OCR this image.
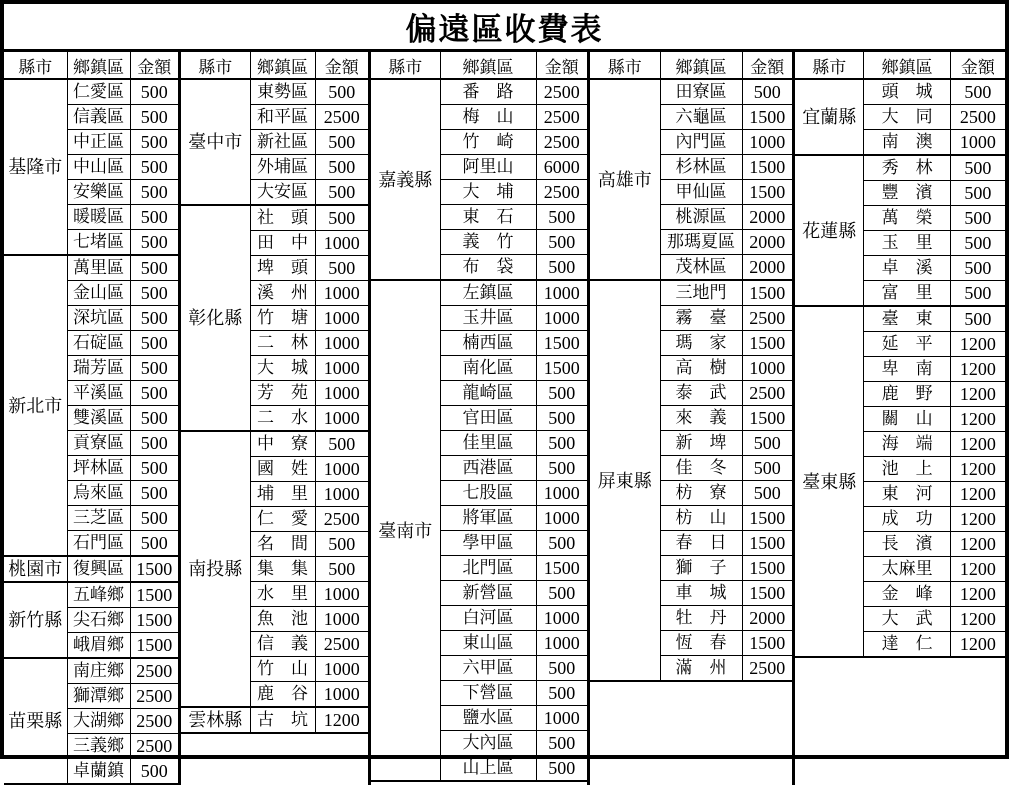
偏遠區收費表
縣市	鄉鎮區	金額
基隆市	仁愛區	500
	信義區	500
	中正區	500
	中山區	500
	安樂區	500
	暖暖區	500
	七堵區	500
新北市	萬里區	500
	金山區	500
	深坑區	500
	石碇區	500
	瑞芳區	500
	平溪區	500
	雙溪區	500
	貢寮區	500
	坪林區	500
	烏來區	500
	三芝區	500
	石門區	500
桃園市	復興區	1500
新竹縣	五峰鄉	1500
	尖石鄉	1500
	峨眉鄉	1500
苗栗縣	南庄鄉	2500
	獅潭鄉	2500
	大湖鄉	2500
	三義鄉	2500
	卓蘭鎮	500
縣市	鄉鎮區	金額
臺中市	東勢區	500
	和平區	2500
	新社區	500
	外埔區	500
	大安區	500
彰化縣	社　頭	500
	田　中	1000
	埤　頭	500
	溪　州	1000
	竹　塘	1000
	二　林	1000
	大　城	1000
	芳　苑	1000
	二　水	1000
南投縣	中　寮	500
	國　姓	1000
	埔　里	1000
	仁　愛	2500
	名　間	500
	集　集	500
	水　里	1000
	魚　池	1000
	信　義	2500
	竹　山	1000
	鹿　谷	1000
雲林縣	古　坑	1200
縣市	鄉鎮區	金額
嘉義縣	番　路	2500
	梅　山	2500
	竹　崎	2500
	阿里山	6000
	大　埔	2500
	東　石	500
	義　竹	500
	布　袋	500
臺南市	左鎮區	1000
	玉井區	1000
	楠西區	1500
	南化區	1500
	龍崎區	500
	官田區	500
	佳里區	500
	西港區	500
	七股區	1000
	將軍區	1000
	學甲區	500
	北門區	1500
	新營區	500
	白河區	1000
	東山區	1000
	六甲區	500
	下營區	500
	鹽水區	1000
	大內區	500
	山上區	500
縣市	鄉鎮區	金額
高雄市	田寮區	500
	六龜區	1500
	內門區	1000
	杉林區	1500
	甲仙區	1500
	桃源區	2000
	那瑪夏區	2000
	茂林區	2000
屏東縣	三地門	1500
	霧　臺	2500
	瑪　家	1500
	高　樹	1000
	泰　武	2500
	來　義	1500
	新　埤	500
	佳　冬	500
	枋　寮	500
	枋　山	1500
	春　日	1500
	獅　子	1500
	車　城	1500
	牡　丹	2000
	恆　春	1500
	滿　州	2500
縣市	鄉鎮區	金額
宜蘭縣	頭　城	500
	大　同	2500
	南　澳	1000
花蓮縣	秀　林	500
	豐　濱	500
	萬　榮	500
	玉　里	500
	卓　溪	500
	富　里	500
臺東縣	臺　東	500
	延　平	1200
	卑　南	1200
	鹿　野	1200
	關　山	1200
	海　端	1200
	池　上	1200
	東　河	1200
	成　功	1200
	長　濱	1200
	太麻里	1200
	金　峰	1200
	大　武	1200
	達　仁	1200
